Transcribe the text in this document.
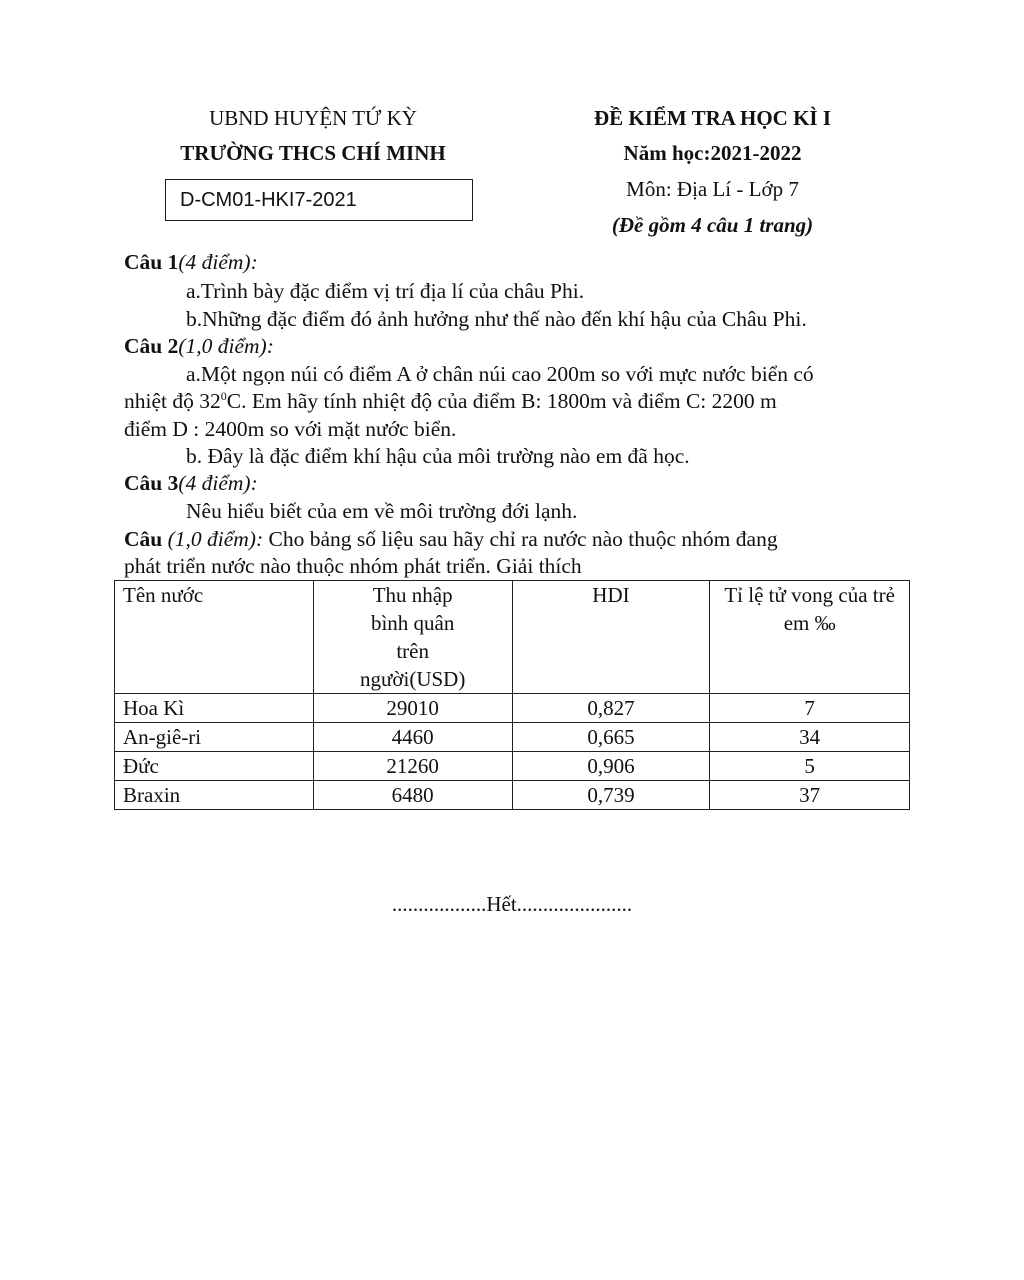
UBND HUYỆN TỨ KỲ
TRƯỜNG THCS CHÍ MINH
D-CM01-HKI7-2021
ĐỀ KIỂM TRA HỌC KÌ I
Năm học:2021-2022
Môn: Địa Lí - Lớp 7
(Đề gồm 4 câu 1 trang)
Câu 1(4 điểm):
a.Trình bày đặc điểm vị trí địa lí của châu Phi.
b.Những đặc điểm đó ảnh hưởng như thế nào đến khí hậu của Châu Phi.
Câu 2(1,0 điểm):
a.Một ngọn núi có điểm A ở chân núi cao 200m so với mực nước biển có
nhiệt độ $32^0C$. Em hãy tính nhiệt độ của điểm B: 1800m và điểm C: 2200 m
điểm D : 2400m so với mặt nước biển.
b. Đây là đặc điểm khí hậu của môi trường nào em đã học.
Câu 3(4 điểm):
Nêu hiểu biết của em về môi trường đới lạnh.
Câu (1,0 điểm): Cho bảng số liệu sau hãy chỉ ra nước nào thuộc nhóm đang
phát triển nước nào thuộc nhóm phát triển. Giải thích
Tên nước	Thu nhập bình quân trên người(USD)	HDI	Tỉ lệ tử vong của trẻ em ‰
Hoa Kì	29010	0,827	7
An-giê-ri	4460	0,665	34
Đức	21260	0,906	5
Braxin	6480	0,739	37
..................Hết......................
